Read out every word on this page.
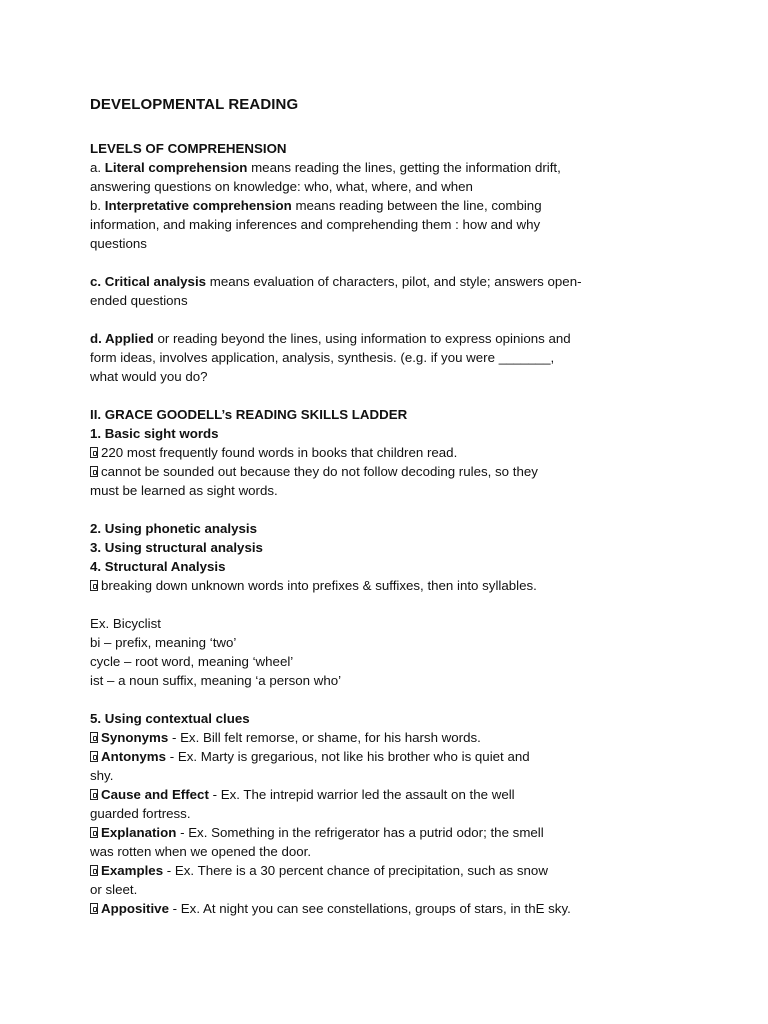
DEVELOPMENTAL READING
LEVELS OF COMPREHENSION
a. Literal comprehension means reading the lines, getting the information drift,
answering questions on knowledge: who, what, where, and when
b. Interpretative comprehension means reading between the line, combing
information, and making inferences and comprehending them : how and why
questions
c. Critical analysis means evaluation of characters, pilot, and style; answers open-
ended questions
d. Applied or reading beyond the lines, using information to express opinions and
form ideas, involves application, analysis, synthesis. (e.g. if you were _______,
what would you do?
II. GRACE GOODELL’s READING SKILLS LADDER
1. Basic sight words
220 most frequently found words in books that children read.
cannot be sounded out because they do not follow decoding rules, so they
must be learned as sight words.
2. Using phonetic analysis
3. Using structural analysis
4. Structural Analysis
breaking down unknown words into prefixes & suffixes, then into syllables.
Ex. Bicyclist
bi – prefix, meaning ‘two’
cycle – root word, meaning ‘wheel’
ist – a noun suffix, meaning ‘a person who’
5. Using contextual clues
Synonyms - Ex. Bill felt remorse, or shame, for his harsh words.
Antonyms - Ex. Marty is gregarious, not like his brother who is quiet and
shy.
Cause and Effect - Ex. The intrepid warrior led the assault on the well
guarded fortress.
Explanation - Ex. Something in the refrigerator has a putrid odor; the smell
was rotten when we opened the door.
Examples - Ex. There is a 30 percent chance of precipitation, such as snow
or sleet.
Appositive - Ex. At night you can see constellations, groups of stars, in thE sky.
